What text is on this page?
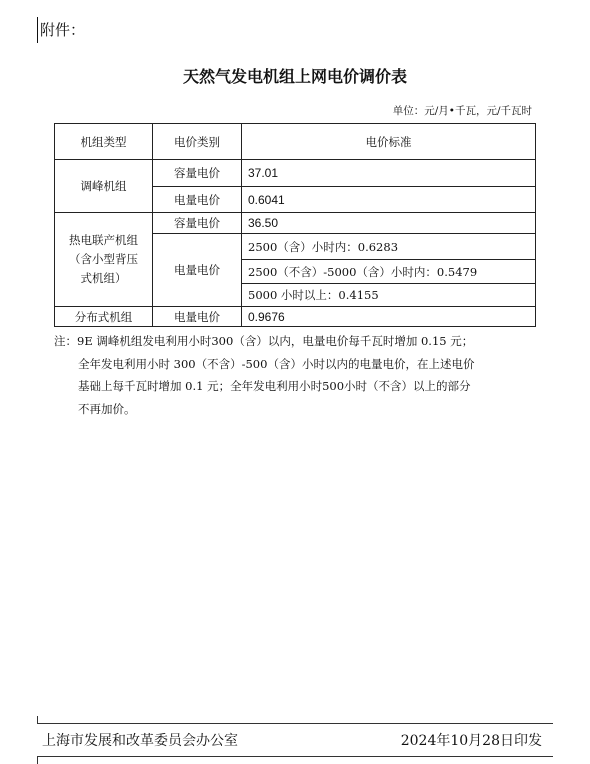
附件：
天然气发电机组上网电价调价表
单位：元/月•千瓦，元/千瓦时
机组类型	电价类别	电价标准
调峰机组	容量电价	37.01
	电量电价	0.6041

热电联产机组
（含小型背压
式机组）	容量电价	36.50
	电量电价	2500（含）小时内：0.6283
		2500（不含）-5000（含）小时内：0.5479
		5000 小时以上：0.4155
分布式机组	电量电价	0.9676
注：9E 调峰机组发电利用小时300（含）以内，电量电价每千瓦时增加 0.15 元；
全年发电利用小时 300（不含）-500（含）小时以内的电量电价，在上述电价
基础上每千瓦时增加 0.1 元；全年发电利用小时500小时（不含）以上的部分
不再加价。
上海市发展和改革委员会办公室	2024年10月28日印发
